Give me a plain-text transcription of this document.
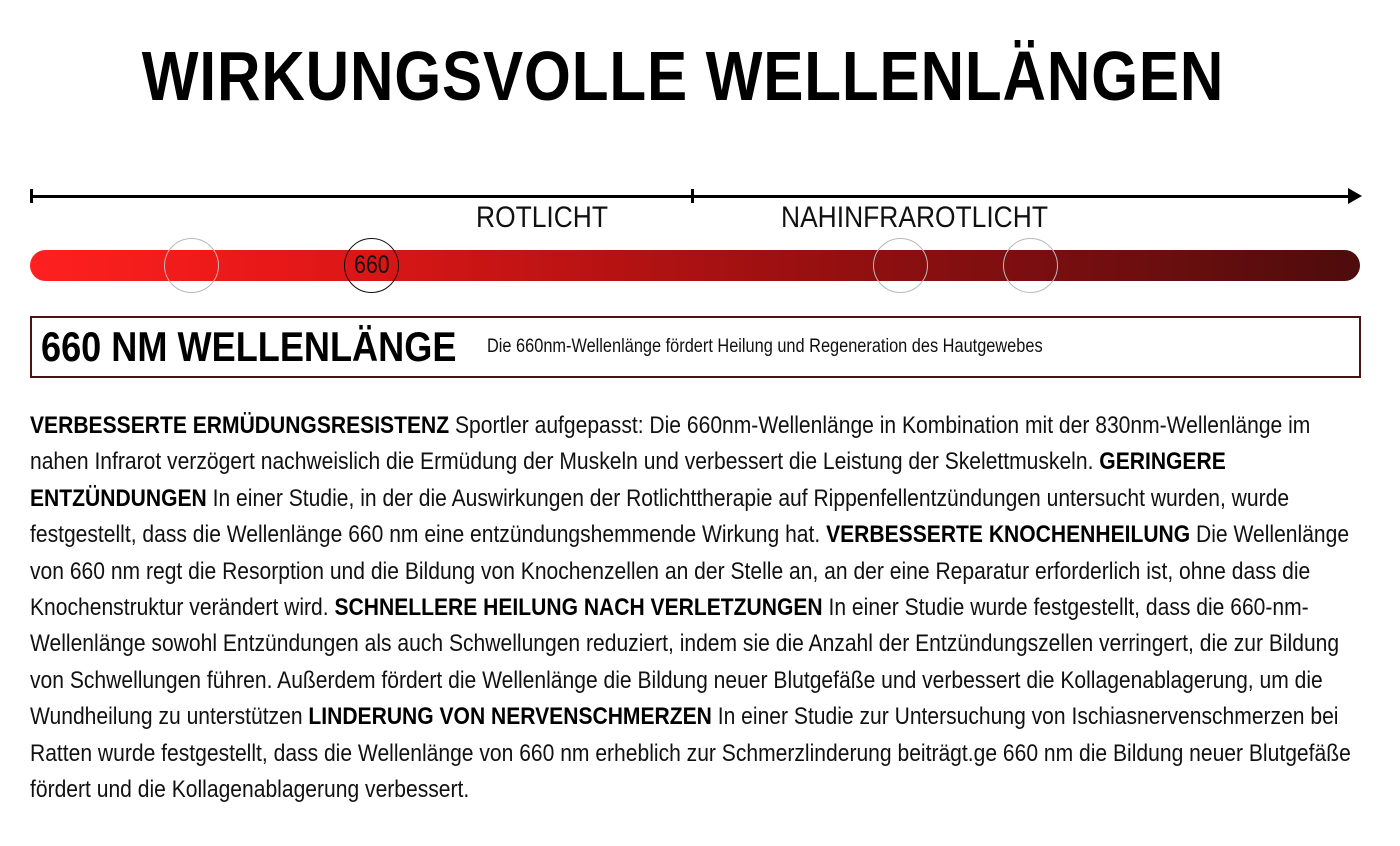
WIRKUNGSVOLLE WELLENLÄNGEN
ROTLICHT	NAHINFRAROTLICHT
660
660 NM WELLENLÄNGE Die 660nm-Wellenlänge fördert Heilung und Regeneration des Hautgewebes
VERBESSERTE ERMÜDUNGSRESISTENZ Sportler aufgepasst: Die 660nm-Wellenlänge in Kombination mit der 830nm-Wellenlänge im nahen Infrarot verzögert nachweislich die Ermüdung der Muskeln und verbessert die Leistung der Skelettmuskeln. GERINGERE ENTZÜNDUNGEN In einer Studie, in der die Auswirkungen der Rotlichttherapie auf Rippenfellentzündungen untersucht wurden, wurde festgestellt, dass die Wellenlänge 660 nm eine entzündungshemmende Wirkung hat. VERBESSERTE KNOCHENHEILUNG Die Wellenlänge von 660 nm regt die Resorption und die Bildung von Knochenzellen an der Stelle an, an der eine Reparatur erforderlich ist, ohne dass die Knochenstruktur verändert wird. SCHNELLERE HEILUNG NACH VERLETZUNGEN In einer Studie wurde festgestellt, dass die 660-nm-Wellenlänge sowohl Entzündungen als auch Schwellungen reduziert, indem sie die Anzahl der Entzündungszellen verringert, die zur Bildung von Schwellungen führen. Außerdem fördert die Wellenlänge die Bildung neuer Blutgefäße und verbessert die Kollagenablagerung, um die Wundheilung zu unterstützen LINDERUNG VON NERVENSCHMERZEN In einer Studie zur Untersuchung von Ischiasnervenschmerzen bei Ratten wurde festgestellt, dass die Wellenlänge von 660 nm erheblich zur Schmerzlinderung beiträgt.ge 660 nm die Bildung neuer Blutgefäße fördert und die Kollagenablagerung verbessert.
